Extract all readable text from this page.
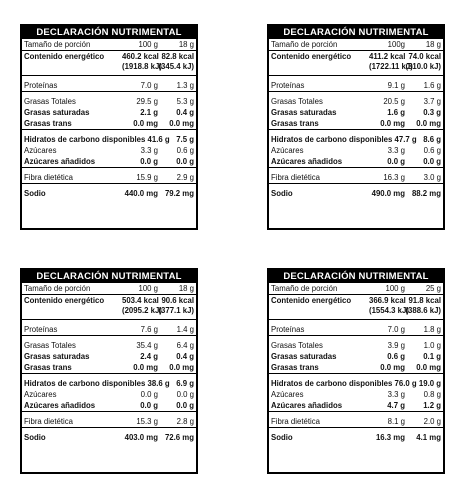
DECLARACIÓN NUTRIMENTAL
Tamaño de porción	100 g	18 g
Contenido energético	460.2 kcal 82.8 kcal
(1918.8 kJ)
(345.4 kJ)
Proteínas	7.0 g	1.3 g
Grasas Totales	29.5 g	5.3 g
Grasas saturadas	2.1 g	0.4 g
Grasas trans	0.0 mg	0.0 mg
Hidratos de carbono disponibles 41.6 g 7.5 g
Azúcares	3.3 g	0.6 g
Azúcares añadidos	0.0 g	0.0 g
Fibra dietética	15.9 g	2.9 g
Sodio	440.0 mg 79.2 mg
DECLARACIÓN NUTRIMENTAL
Tamaño de porción	100g	18 g
Contenido energético	411.2 kcal 74.0 kcal
(1722.11 kJ)
(310.0 kJ)
Proteínas	9.1 g	1.6 g
Grasas Totales	20.5 g	3.7 g
Grasas saturadas	1.6 g	0.3 g
Grasas trans	0.0 mg	0.0 mg
Hidratos de carbono disponibles 47.7 g 8.6 g
Azúcares	3.3 g	0.6 g
Azúcares añadidos	0.0 g	0.0 g
Fibra dietética	16.3 g	3.0 g
Sodio	490.0 mg 88.2 mg
DECLARACIÓN NUTRIMENTAL
Tamaño de porción	100 g	18 g
Contenido energético	503.4 kcal 90.6 kcal
(2095.2 kJ)
(377.1 kJ)
Proteínas	7.6 g	1.4 g
Grasas Totales	35.4 g	6.4 g
Grasas saturadas	2.4 g	0.4 g
Grasas trans	0.0 mg	0.0 mg
Hidratos de carbono disponibles 38.6 g 6.9 g
Azúcares	0.0 g	0.0 g
Azúcares añadidos	0.0 g	0.0 g
Fibra dietética	15.3 g	2.8 g
Sodio	403.0 mg 72.6 mg
DECLARACIÓN NUTRIMENTAL
Tamaño de porción	100 g	25 g
Contenido energético	366.9 kcal 91.8 kcal
(1554.3 kJ)
(388.6 kJ)
Proteínas	7.0 g	1.8 g
Grasas Totales	3.9 g	1.0 g
Grasas saturadas	0.6 g	0.1 g
Grasas trans	0.0 mg	0.0 mg
Hidratos de carbono disponibles 76.0 g 19.0 g
Azúcares	3.3 g	0.8 g
Azúcares añadidos	4.7 g	1.2 g
Fibra dietética	8.1 g	2.0 g
Sodio	16.3 mg	4.1 mg
